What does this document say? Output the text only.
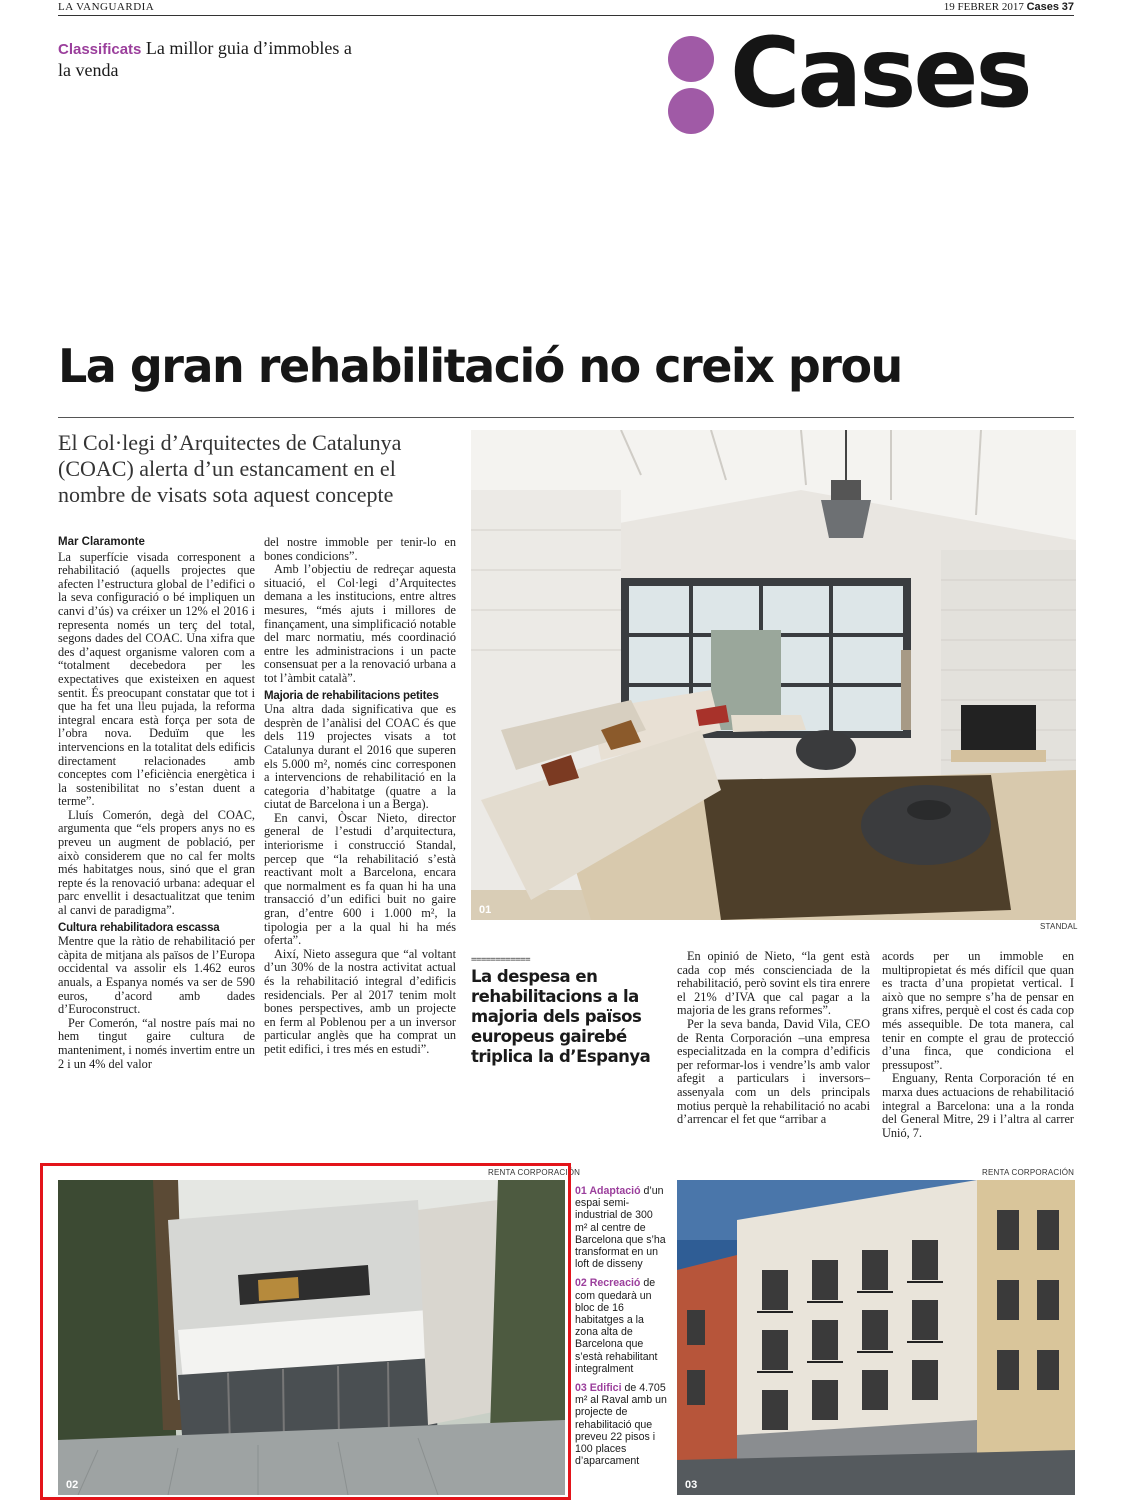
LA VANGUARDIA	19 FEBRER 2017 Cases 37
Classificats La millor guia d’immobles a la venda	Cases
La gran rehabilitació no creix prou
El Col·legi d’Arquitectes de Catalunya (COAC) alerta d’un estancament en el nombre de visats sota aquest concepte

Mar Claramonte

La superfície visada corresponent a rehabilitació (aquells projectes que afecten l’estructura global de l’edifici o la seva configuració o bé impliquen un canvi d’ús) va créixer un 12% el 2016 i representa només un terç del total, segons dades del COAC. Una xifra que des d’aquest organisme valoren com a “totalment decebedora per les expectatives que existeixen en aquest sentit. És preocupant constatar que tot i que ha fet una lleu pujada, la reforma integral encara està força per sota de l’obra nova. Deduïm que les intervencions en la totalitat dels edificis directament relacionades amb conceptes com l’eficiència energètica i la sostenibilitat no s’estan duent a terme”.

Lluís Comerón, degà del COAC, argumenta que “els propers anys no es preveu un augment de població, per això considerem que no cal fer molts més habitatges nous, sinó que el gran repte és la renovació urbana: adequar el parc envellit i desactualitzat que tenim al canvi de paradigma”.

Cultura rehabilitadora escassa

Mentre que la ràtio de rehabilitació per càpita de mitjana als països de l’Europa occidental va assolir els 1.462 euros anuals, a Espanya només va ser de 590 euros, d’acord amb dades d’Euroconstruct.

Per Comerón, “al nostre país mai no hem tingut gaire cultura de manteniment, i només invertim entre un 2 i un 4% del valor

del nostre immoble per tenir-lo en bones condicions”.

Amb l’objectiu de redreçar aquesta situació, el Col·legi d’Arquitectes demana a les institucions, entre altres mesures, “més ajuts i millores de finançament, una simplificació notable del marc normatiu, més coordinació entre les administracions i un pacte consensuat per a la renovació urbana a tot l’àmbit català”.

Majoria de rehabilitacions petites

Una altra dada significativa que es desprèn de l’anàlisi del COAC és que dels 119 projectes visats a tot Catalunya durant el 2016 que superen els 5.000 m², només cinc corresponen a intervencions de rehabilitació en la categoria d’habitatge (quatre a la ciutat de Barcelona i un a Berga).

En canvi, Òscar Nieto, director general de l’estudi d’arquitectura, interiorisme i construcció Standal, percep que “la rehabilitació s’està reactivant molt a Barcelona, encara que normalment es fa quan hi ha una transacció d’un edifici buit no gaire gran, d’entre 600 i 1.000 m², la tipologia per a la qual hi ha més oferta”.

Així, Nieto assegura que “al voltant d’un 30% de la nostra activitat actual és la rehabilitació integral d’edificis residencials. Per al 2017 tenim molt bones perspectives, amb un projecte en ferm al Poblenou per a un inversor particular anglès que ha comprat un petit edifici, i tres més en estudi”.

01
STANDAL
============
La despesa en rehabilitacions a la majoria dels països europeus gairebé triplica la d’Espanya

En opinió de Nieto, “la gent està cada cop més conscienciada de la rehabilitació, però sovint els tira enrere el 21% d’IVA que cal pagar a la majoria de les grans reformes”.

Per la seva banda, David Vila, CEO de Renta Corporación –una empresa especialitzada en la compra d’edificis per reformar-los i vendre’ls amb valor afegit a particulars i inversors– assenyala com un dels principals motius perquè la rehabilitació no acabi d’arrencar el fet que “arribar a

acords per un immoble en multipropietat és més difícil que quan es tracta d’una propietat vertical. I això que no sempre s’ha de pensar en grans xifres, perquè el cost és cada cop més assequible. De tota manera, cal tenir en compte el grau de protecció d’una finca, que condiciona el pressupost”.

Enguany, Renta Corporación té en marxa dues actuacions de rehabilitació integral a Barcelona: una a la ronda del General Mitre, 29 i l’altra al carrer Unió, 7.

RENTA CORPORACIÓN
02
01 Adaptació d’un espai semi-industrial de 300 m² al centre de Barcelona que s’ha transformat en un loft de disseny
02 Recreació de com quedarà un bloc de 16 habitatges a la zona alta de Barcelona que s’està rehabilitant integralment
03 Edifici de 4.705 m² al Raval amb un projecte de rehabilitació que preveu 22 pisos i 100 places d’aparcament
RENTA CORPORACIÓN
03
